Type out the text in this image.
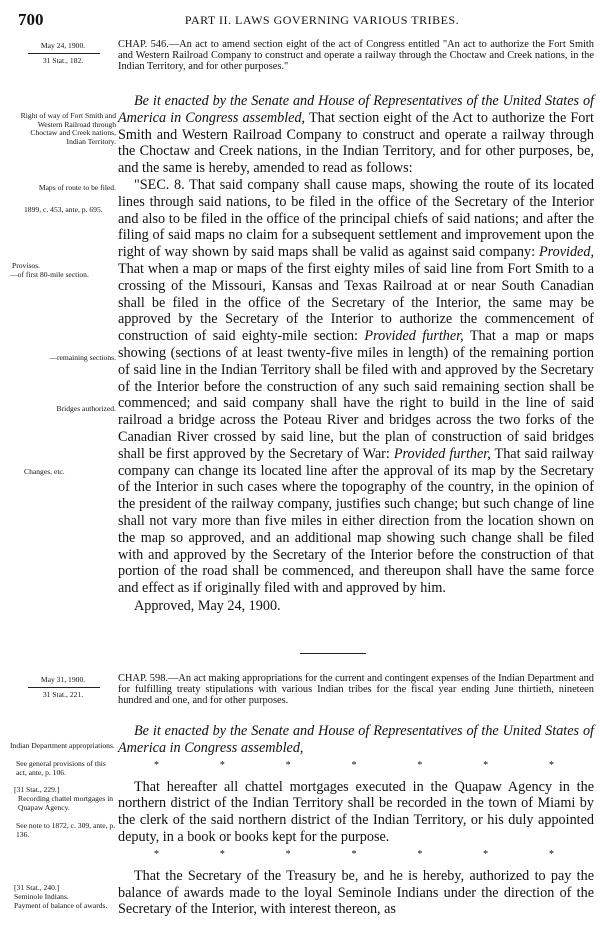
700	PART II. LAWS GOVERNING VARIOUS TRIBES.
May 24, 1900.
31 Stat., 182.
Right of way of Fort Smith and Western Railroad through Choctaw and Creek nations, Indian Territory.
Maps of route to be filed.
1899, c. 453, ante, p. 695.
Provisos.
—of first 80-mile section.
—remaining sections.
Bridges authorized.
Changes, etc.
CHAP. 546.—An act to amend section eight of the act of Congress entitled "An act to authorize the Fort Smith and Western Railroad Company to construct and operate a railway through the Choctaw and Creek nations, in the Indian Territory, and for other purposes."
Be it enacted by the Senate and House of Representatives of the United States of America in Congress assembled, That section eight of the Act to authorize the Fort Smith and Western Railroad Company to construct and operate a railway through the Choctaw and Creek nations, in the Indian Territory, and for other purposes, be, and the same is hereby, amended to read as follows:
"SEC. 8. That said company shall cause maps, showing the route of its located lines through said nations, to be filed in the office of the Secretary of the Interior and also to be filed in the office of the principal chiefs of said nations; and after the filing of said maps no claim for a subsequent settlement and improvement upon the right of way shown by said maps shall be valid as against said company: Provided, That when a map or maps of the first eighty miles of said line from Fort Smith to a crossing of the Missouri, Kansas and Texas Railroad at or near South Canadian shall be filed in the office of the Secretary of the Interior, the same may be approved by the Secretary of the Interior to authorize the commencement of construction of said eighty-mile section: Provided further, That a map or maps showing (sections of at least twenty-five miles in length) of the remaining portion of said line in the Indian Territory shall be filed with and approved by the Secretary of the Interior before the construction of any such said remaining section shall be commenced; and said company shall have the right to build in the line of said railroad a bridge across the Poteau River and bridges across the two forks of the Canadian River crossed by said line, but the plan of construction of said bridges shall be first approved by the Secretary of War: Provided further, That said railway company can change its located line after the approval of its map by the Secretary of the Interior in such cases where the topography of the country, in the opinion of the president of the railway company, justifies such change; but such change of line shall not vary more than five miles in either direction from the location shown on the map so approved, and an additional map showing such change shall be filed with and approved by the Secretary of the Interior before the construction of that portion of the road shall be commenced, and thereupon shall have the same force and effect as if originally filed with and approved by him.
Approved, May 24, 1900.
May 31, 1900.
31 Stat., 221.
Indian Department appropriations.
See general provisions of this act, ante, p. 106.
[31 Stat., 229.]
Recording chattel mortgages in Quapaw Agency.
See note to 1872, c. 309, ante, p. 136.
[31 Stat., 240.]
Seminole Indians.
Payment of balance of awards.
CHAP. 598.—An act making appropriations for the current and contingent expenses of the Indian Department and for fulfilling treaty stipulations with various Indian tribes for the fiscal year ending June thirtieth, nineteen hundred and one, and for other purposes.
Be it enacted by the Senate and House of Representatives of the United States of America in Congress assembled,
*	*	*	*	*	*	*
That hereafter all chattel mortgages executed in the Quapaw Agency in the northern district of the Indian Territory shall be recorded in the town of Miami by the clerk of the said northern district of the Indian Territory, or his duly appointed deputy, in a book or books kept for the purpose.
*	*	*	*	*	*	*
That the Secretary of the Treasury be, and he is hereby, authorized to pay the balance of awards made to the loyal Seminole Indians under the direction of the Secretary of the Interior, with interest thereon, as
